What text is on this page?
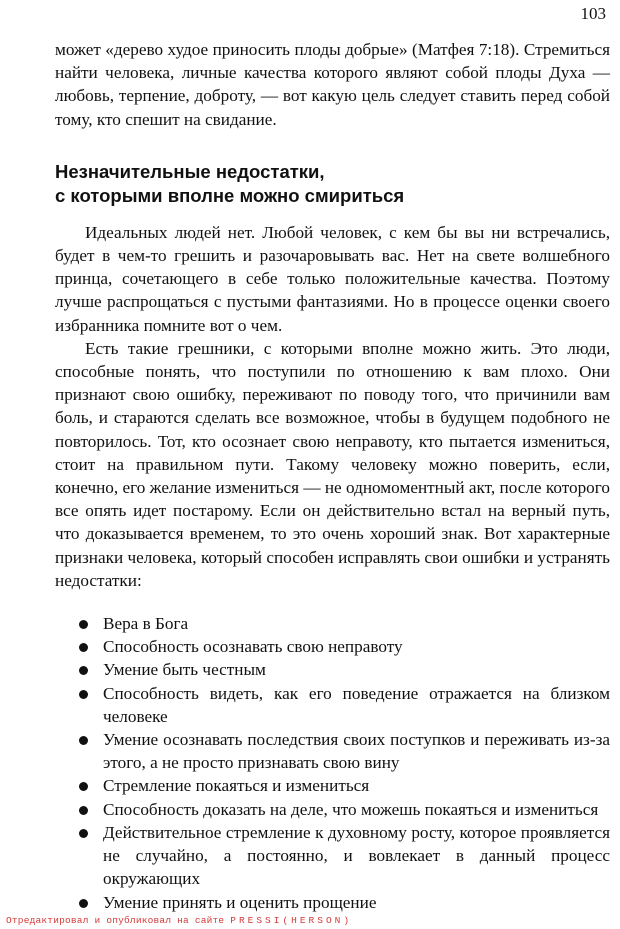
103

может «дерево худое приносить плоды добрые» (Матфея 7:18). Стремиться найти человека, личные качества которого являют собой плоды Духа — любовь, терпение, доброту, — вот какую цель следует ставить перед собой тому, кто спешит на свидание.

Незначительные недостатки,
с которыми вполне можно смириться

Идеальных людей нет. Любой человек, с кем бы вы ни встречались, будет в чем-то грешить и разочаровывать вас. Нет на свете волшебного принца, сочетающего в себе только положительные качества. Поэтому лучше распрощаться с пустыми фантазиями. Но в процессе оценки своего избранника помните вот о чем.

Есть такие грешники, с которыми вполне можно жить. Это люди, способные понять, что поступили по отношению к вам плохо. Они признают свою ошибку, переживают по поводу того, что причинили вам боль, и стараются сделать все возможное, чтобы в будущем подобного не повторилось. Тот, кто осознает свою неправоту, кто пытается измениться, стоит на правильном пути. Такому человеку можно поверить, если, конечно, его желание измениться — не одномоментный акт, после которого все опять идет постарому. Если он действительно встал на верный путь, что доказывается временем, то это очень хороший знак. Вот характерные признаки человека, который способен исправлять свои ошибки и устранять недостатки:

Вера в Бога
Способность осознавать свою неправоту
Умение быть честным
Способность видеть, как его поведение отражается на близком человеке
Умение осознавать последствия своих поступков и переживать из-за этого, а не просто признавать свою вину
Стремление покаяться и измениться
Способность доказать на деле, что можешь покаяться и измениться
Действительное стремление к духовному росту, которое проявляется не случайно, а постоянно, и вовлекает в данный процесс окружающих
Умение принять и оценить прощение
Отредактировал и опубликовал на сайте PRESSI(HERSON)
